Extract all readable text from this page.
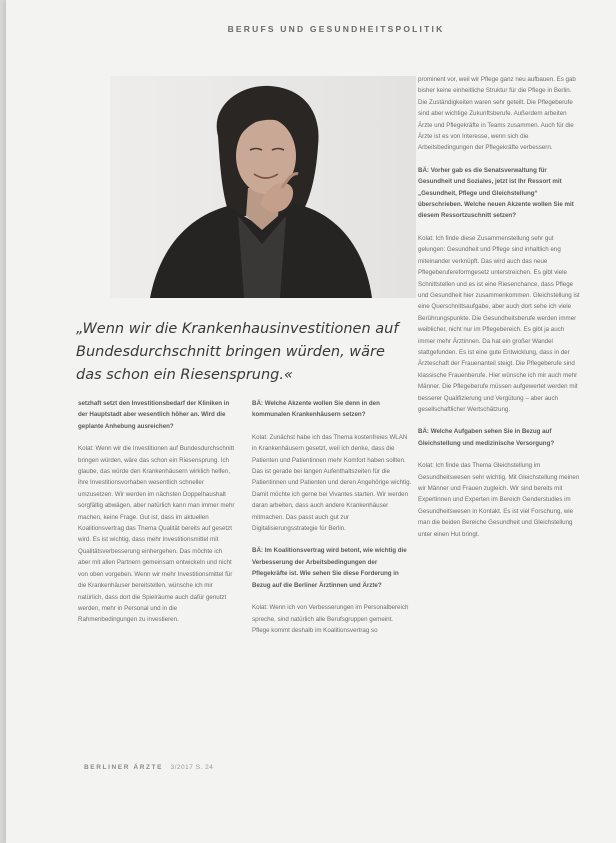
BERUFS UND GESUNDHEITSPOLITIK
„Wenn wir die Krankenhausinvestitionen auf Bundesdurchschnitt bringen würden, wäre das schon ein Riesensprung.«

setzhaft setzt den Investitionsbedarf der Kliniken in der Hauptstadt aber wesentlich höher an. Wird die geplante Anhebung ausreichen?

Kolat: Wenn wir die Investitionen auf Bundesdurchschnitt bringen würden, wäre das schon ein Riesensprung. Ich glaube, das würde den Krankenhäusern wirklich helfen, ihre Investitionsvorhaben wesentlich schneller umzusetzen. Wir werden im nächsten Doppelhaushalt sorgfältig abwägen, aber natürlich kann man immer mehr machen, keine Frage. Gut ist, dass im aktuellen Koalitionsvertrag das Thema Qualität bereits auf gesetzt wird. Es ist wichtig, dass mehr Investitionsmittel mit Qualitätsverbesserung einhergehen. Das möchte ich aber mit allen Partnern gemeinsam entwickeln und nicht von oben vorgeben. Wenn wir mehr Investitionsmittel für die Krankenhäuser bereitstellen, wünsche ich mir natürlich, dass dort die Spielräume auch dafür genutzt werden, mehr in Personal und in die Rahmenbedingungen zu investieren.

BÄ: Welche Akzente wollen Sie denn in den kommunalen Krankenhäusern setzen?

Kolat: Zunächst habe ich das Thema kostenfreies WLAN in Krankenhäusern gesetzt, weil ich denke, dass die Patienten und Patientinnen mehr Komfort haben sollten. Das ist gerade bei langen Aufenthaltszeiten für die Patientinnen und Patienten und deren Angehörige wichtig. Damit möchte ich gerne bei Vivantes starten. Wir werden daran arbeiten, dass auch andere Krankenhäuser mitmachen. Das passt auch gut zur Digitalisierungsstrategie für Berlin.

BÄ: Im Koalitionsvertrag wird betont, wie wichtig die Verbesserung der Arbeitsbedingungen der Pflegekräfte ist. Wie sehen Sie diese Forderung in Bezug auf die Berliner Ärztinnen und Ärzte?

Kolat: Wenn ich von Verbesserungen im Personalbereich spreche, sind natürlich alle Berufsgruppen gemeint. Pflege kommt deshalb im Koalitionsvertrag so

prominent vor, weil wir Pflege ganz neu aufbauen. Es gab bisher keine einheitliche Struktur für die Pflege in Berlin. Die Zuständigkeiten waren sehr geteilt. Die Pflegeberufe sind aber wichtige Zukunftsberufe. Außerdem arbeiten Ärzte und Pflegekräfte in Teams zusammen. Auch für die Ärzte ist es von Interesse, wenn sich die Arbeitsbedingungen der Pflegekräfte verbessern.

BÄ: Vorher gab es die Senatsverwaltung für Gesundheit und Soziales, jetzt ist Ihr Ressort mit „Gesundheit, Pflege und Gleichstellung“ überschrieben. Welche neuen Akzente wollen Sie mit diesem Ressortzuschnitt setzen?

Kolat: Ich finde diese Zusammenstellung sehr gut gelungen: Gesundheit und Pflege sind inhaltlich eng miteinander verknüpft. Das wird auch das neue Pflegeberufereformgesetz unterstreichen. Es gibt viele Schnittstellen und es ist eine Riesenchance, dass Pflege und Gesundheit hier zusammenkommen. Gleichstellung ist eine Querschnittsaufgabe, aber auch dort sehe ich viele Berührungspunkte. Die Gesundheitsberufe werden immer weiblicher, nicht nur im Pflegebereich. Es gibt ja auch immer mehr Ärztinnen. Da hat ein großer Wandel stattgefunden. Es ist eine gute Entwicklung, dass in der Ärzteschaft der Frauenanteil steigt. Die Pflegeberufe sind klassische Frauenberufe. Hier wünsche ich mir auch mehr Männer. Die Pflegeberufe müssen aufgewertet werden mit besserer Qualifizierung und Vergütung – aber auch gesellschaftlicher Wertschätzung.

BÄ: Welche Aufgaben sehen Sie in Bezug auf Gleichstellung und medizinische Versorgung?

Kolat: Ich finde das Thema Gleichstellung im Gesundheitswesen sehr wichtig. Mit Gleichstellung meinen wir Männer und Frauen zugleich. Wir sind bereits mit Expertinnen und Experten im Bereich Genderstudies im Gesundheitswesen in Kontakt. Es ist viel Forschung, wie man die beiden Bereiche Gesundheit und Gleichstellung unter einen Hut bringt.

BERLINER ÄRZTE 3/2017 S. 24
